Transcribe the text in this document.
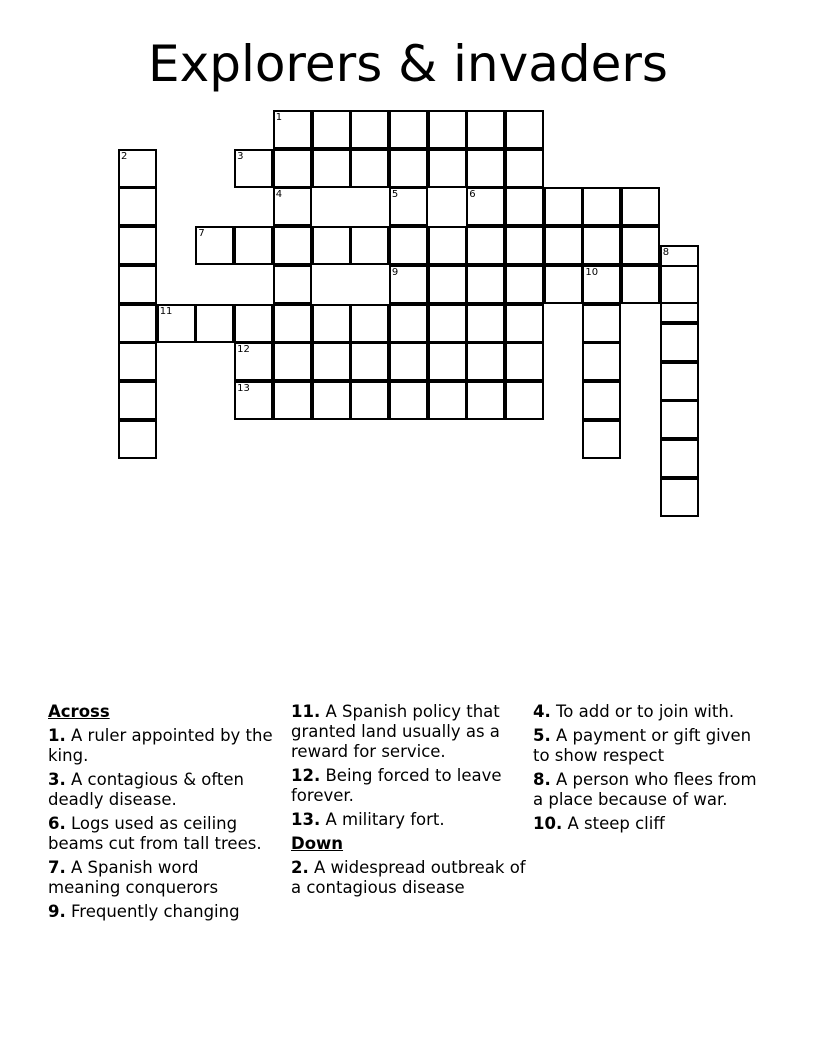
Explorers & invaders
1
2	3
4	5	6
7
8
9	10
11
12
13
Across
1. A ruler appointed by the king.
3. A contagious & often deadly disease.
6. Logs used as ceiling beams cut from tall trees.
7. A Spanish word meaning conquerors
9. Frequently changing
11. A Spanish policy that granted land usually as a reward for service.
12. Being forced to leave forever.
13. A military fort.
Down
2. A widespread outbreak of a contagious disease
4. To add or to join with.
5. A payment or gift given to show respect
8. A person who flees from a place because of war.
10. A steep cliff
